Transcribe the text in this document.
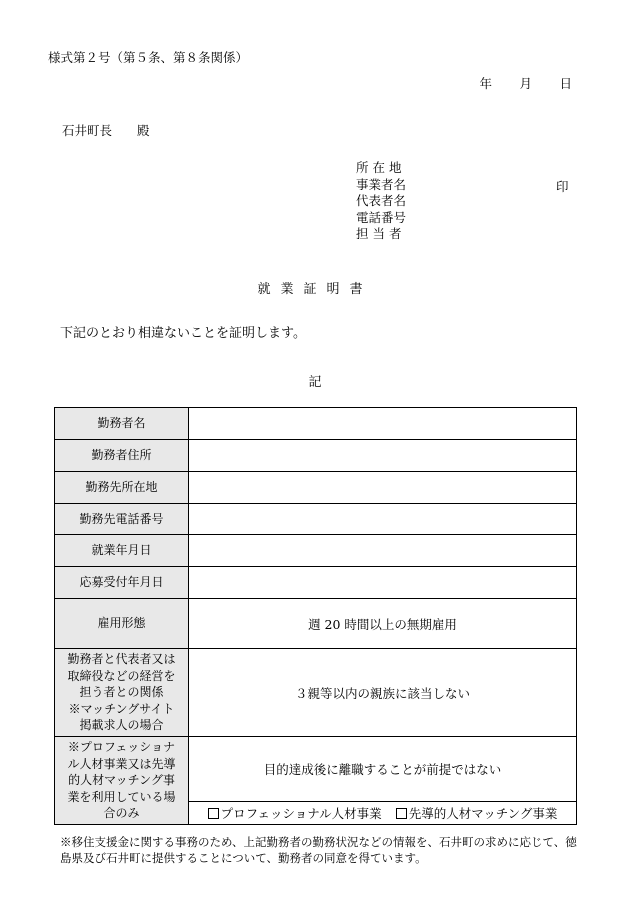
様式第２号（第５条、第８条関係）
年	月	日
石井町長　　殿
所 在 地
事業者名
代表者名
電話番号
担 当 者
印
就業証明書
下記のとおり相違ないことを証明します。
記
勤務者名	
勤務者住所	
勤務先所在地	
勤務先電話番号	
就業年月日	
応募受付年月日	
雇用形態	週 20 時間以上の無期雇用

勤務者と代表者又は
取締役などの経営を
担う者との関係
※マッチングサイト
掲載求人の場合	３親等以内の親族に該当しない

※プロフェッショナ
ル人材事業又は先導
的人材マッチング事
業を利用している場
合のみ	目的達成後に離職することが前提ではない

	プロフェッショナル人材事業 先導的人材マッチング事業
※移住支援金に関する事務のため、上記勤務者の勤務状況などの情報を、石井町の求めに応じて、徳島県及び石井町に提供することについて、勤務者の同意を得ています。
